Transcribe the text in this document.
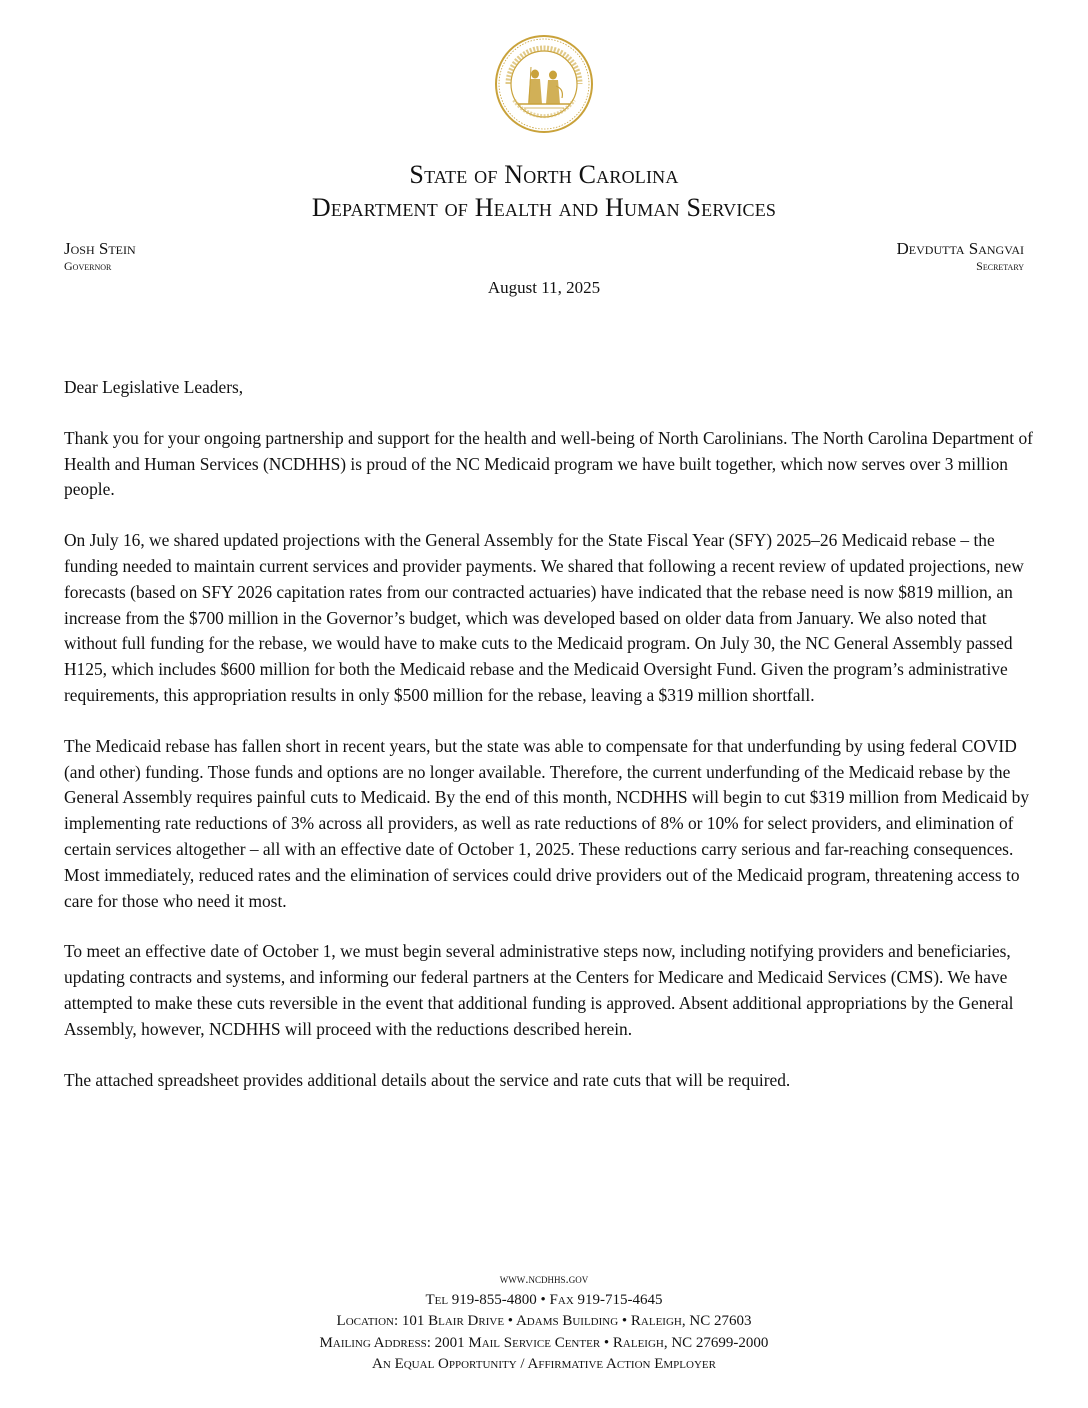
State of North Carolina
Department of Health and Human Services
Josh Stein
Governor
Devdutta Sangvai
Secretary
August 11, 2025

Dear Legislative Leaders,

Thank you for your ongoing partnership and support for the health and well-being of North Carolinians. The North Carolina Department of Health and Human Services (NCDHHS) is proud of the NC Medicaid program we have built together, which now serves over 3 million people.

On July 16, we shared updated projections with the General Assembly for the State Fiscal Year (SFY) 2025–26 Medicaid rebase – the funding needed to maintain current services and provider payments. We shared that following a recent review of updated projections, new forecasts (based on SFY 2026 capitation rates from our contracted actuaries) have indicated that the rebase need is now $819 million, an increase from the $700 million in the Governor’s budget, which was developed based on older data from January. We also noted that without full funding for the rebase, we would have to make cuts to the Medicaid program. On July 30, the NC General Assembly passed H125, which includes $600 million for both the Medicaid rebase and the Medicaid Oversight Fund. Given the program’s administrative requirements, this appropriation results in only $500 million for the rebase, leaving a $319 million shortfall.

The Medicaid rebase has fallen short in recent years, but the state was able to compensate for that underfunding by using federal COVID (and other) funding. Those funds and options are no longer available. Therefore, the current underfunding of the Medicaid rebase by the General Assembly requires painful cuts to Medicaid. By the end of this month, NCDHHS will begin to cut $319 million from Medicaid by implementing rate reductions of 3% across all providers, as well as rate reductions of 8% or 10% for select providers, and elimination of certain services altogether – all with an effective date of October 1, 2025. These reductions carry serious and far-reaching consequences. Most immediately, reduced rates and the elimination of services could drive providers out of the Medicaid program, threatening access to care for those who need it most.

To meet an effective date of October 1, we must begin several administrative steps now, including notifying providers and beneficiaries, updating contracts and systems, and informing our federal partners at the Centers for Medicare and Medicaid Services (CMS). We have attempted to make these cuts reversible in the event that additional funding is approved. Absent additional appropriations by the General Assembly, however, NCDHHS will proceed with the reductions described herein.

The attached spreadsheet provides additional details about the service and rate cuts that will be required.

www.ncdhhs.gov
Tel 919-855-4800 • Fax 919-715-4645
Location: 101 Blair Drive • Adams Building • Raleigh, NC 27603
Mailing Address: 2001 Mail Service Center • Raleigh, NC 27699-2000
An Equal Opportunity / Affirmative Action Employer
